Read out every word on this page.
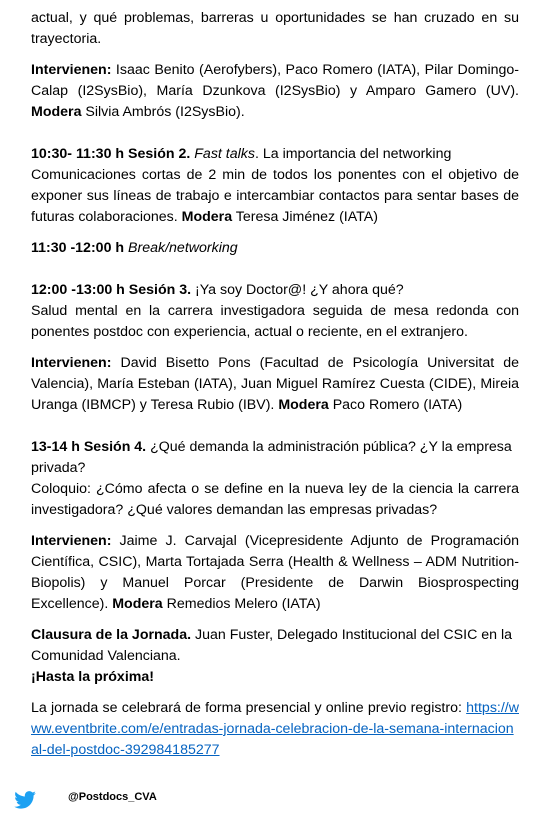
actual, y qué problemas, barreras u oportunidades se han cruzado en su trayectoria.

Intervienen: Isaac Benito (Aerofybers), Paco Romero (IATA), Pilar Domingo-Calap (I2SysBio), María Dzunkova (I2SysBio) y Amparo Gamero (UV). Modera Silvia Ambrós (I2SysBio).

10:30- 11:30 h Sesión 2. Fast talks. La importancia del networking

Comunicaciones cortas de 2 min de todos los ponentes con el objetivo de exponer sus líneas de trabajo e intercambiar contactos para sentar bases de futuras colaboraciones. Modera Teresa Jiménez (IATA)

11:30 -12:00 h Break/networking

12:00 -13:00 h Sesión 3. ¡Ya soy Doctor@! ¿Y ahora qué?

Salud mental en la carrera investigadora seguida de mesa redonda con ponentes postdoc con experiencia, actual o reciente, en el extranjero.

Intervienen: David Bisetto Pons (Facultad de Psicología Universitat de Valencia), María Esteban (IATA), Juan Miguel Ramírez Cuesta (CIDE), Mireia Uranga (IBMCP) y Teresa Rubio (IBV). Modera Paco Romero (IATA)

13-14 h Sesión 4. ¿Qué demanda la administración pública? ¿Y la empresa privada?

Coloquio: ¿Cómo afecta o se define en la nueva ley de la ciencia la carrera investigadora? ¿Qué valores demandan las empresas privadas?

Intervienen: Jaime J. Carvajal (Vicepresidente Adjunto de Programación Científica, CSIC), Marta Tortajada Serra (Health & Wellness – ADM Nutrition-Biopolis) y Manuel Porcar (Presidente de Darwin Biosprospecting Excellence). Modera Remedios Melero (IATA)

Clausura de la Jornada. Juan Fuster, Delegado Institucional del CSIC en la Comunidad Valenciana.

¡Hasta la próxima!

La jornada se celebrará de forma presencial y online previo registro: https://www.eventbrite.com/e/entradas-jornada-celebracion-de-la-semana-internacional-del-postdoc-392984185277

@Postdocs_CVA
